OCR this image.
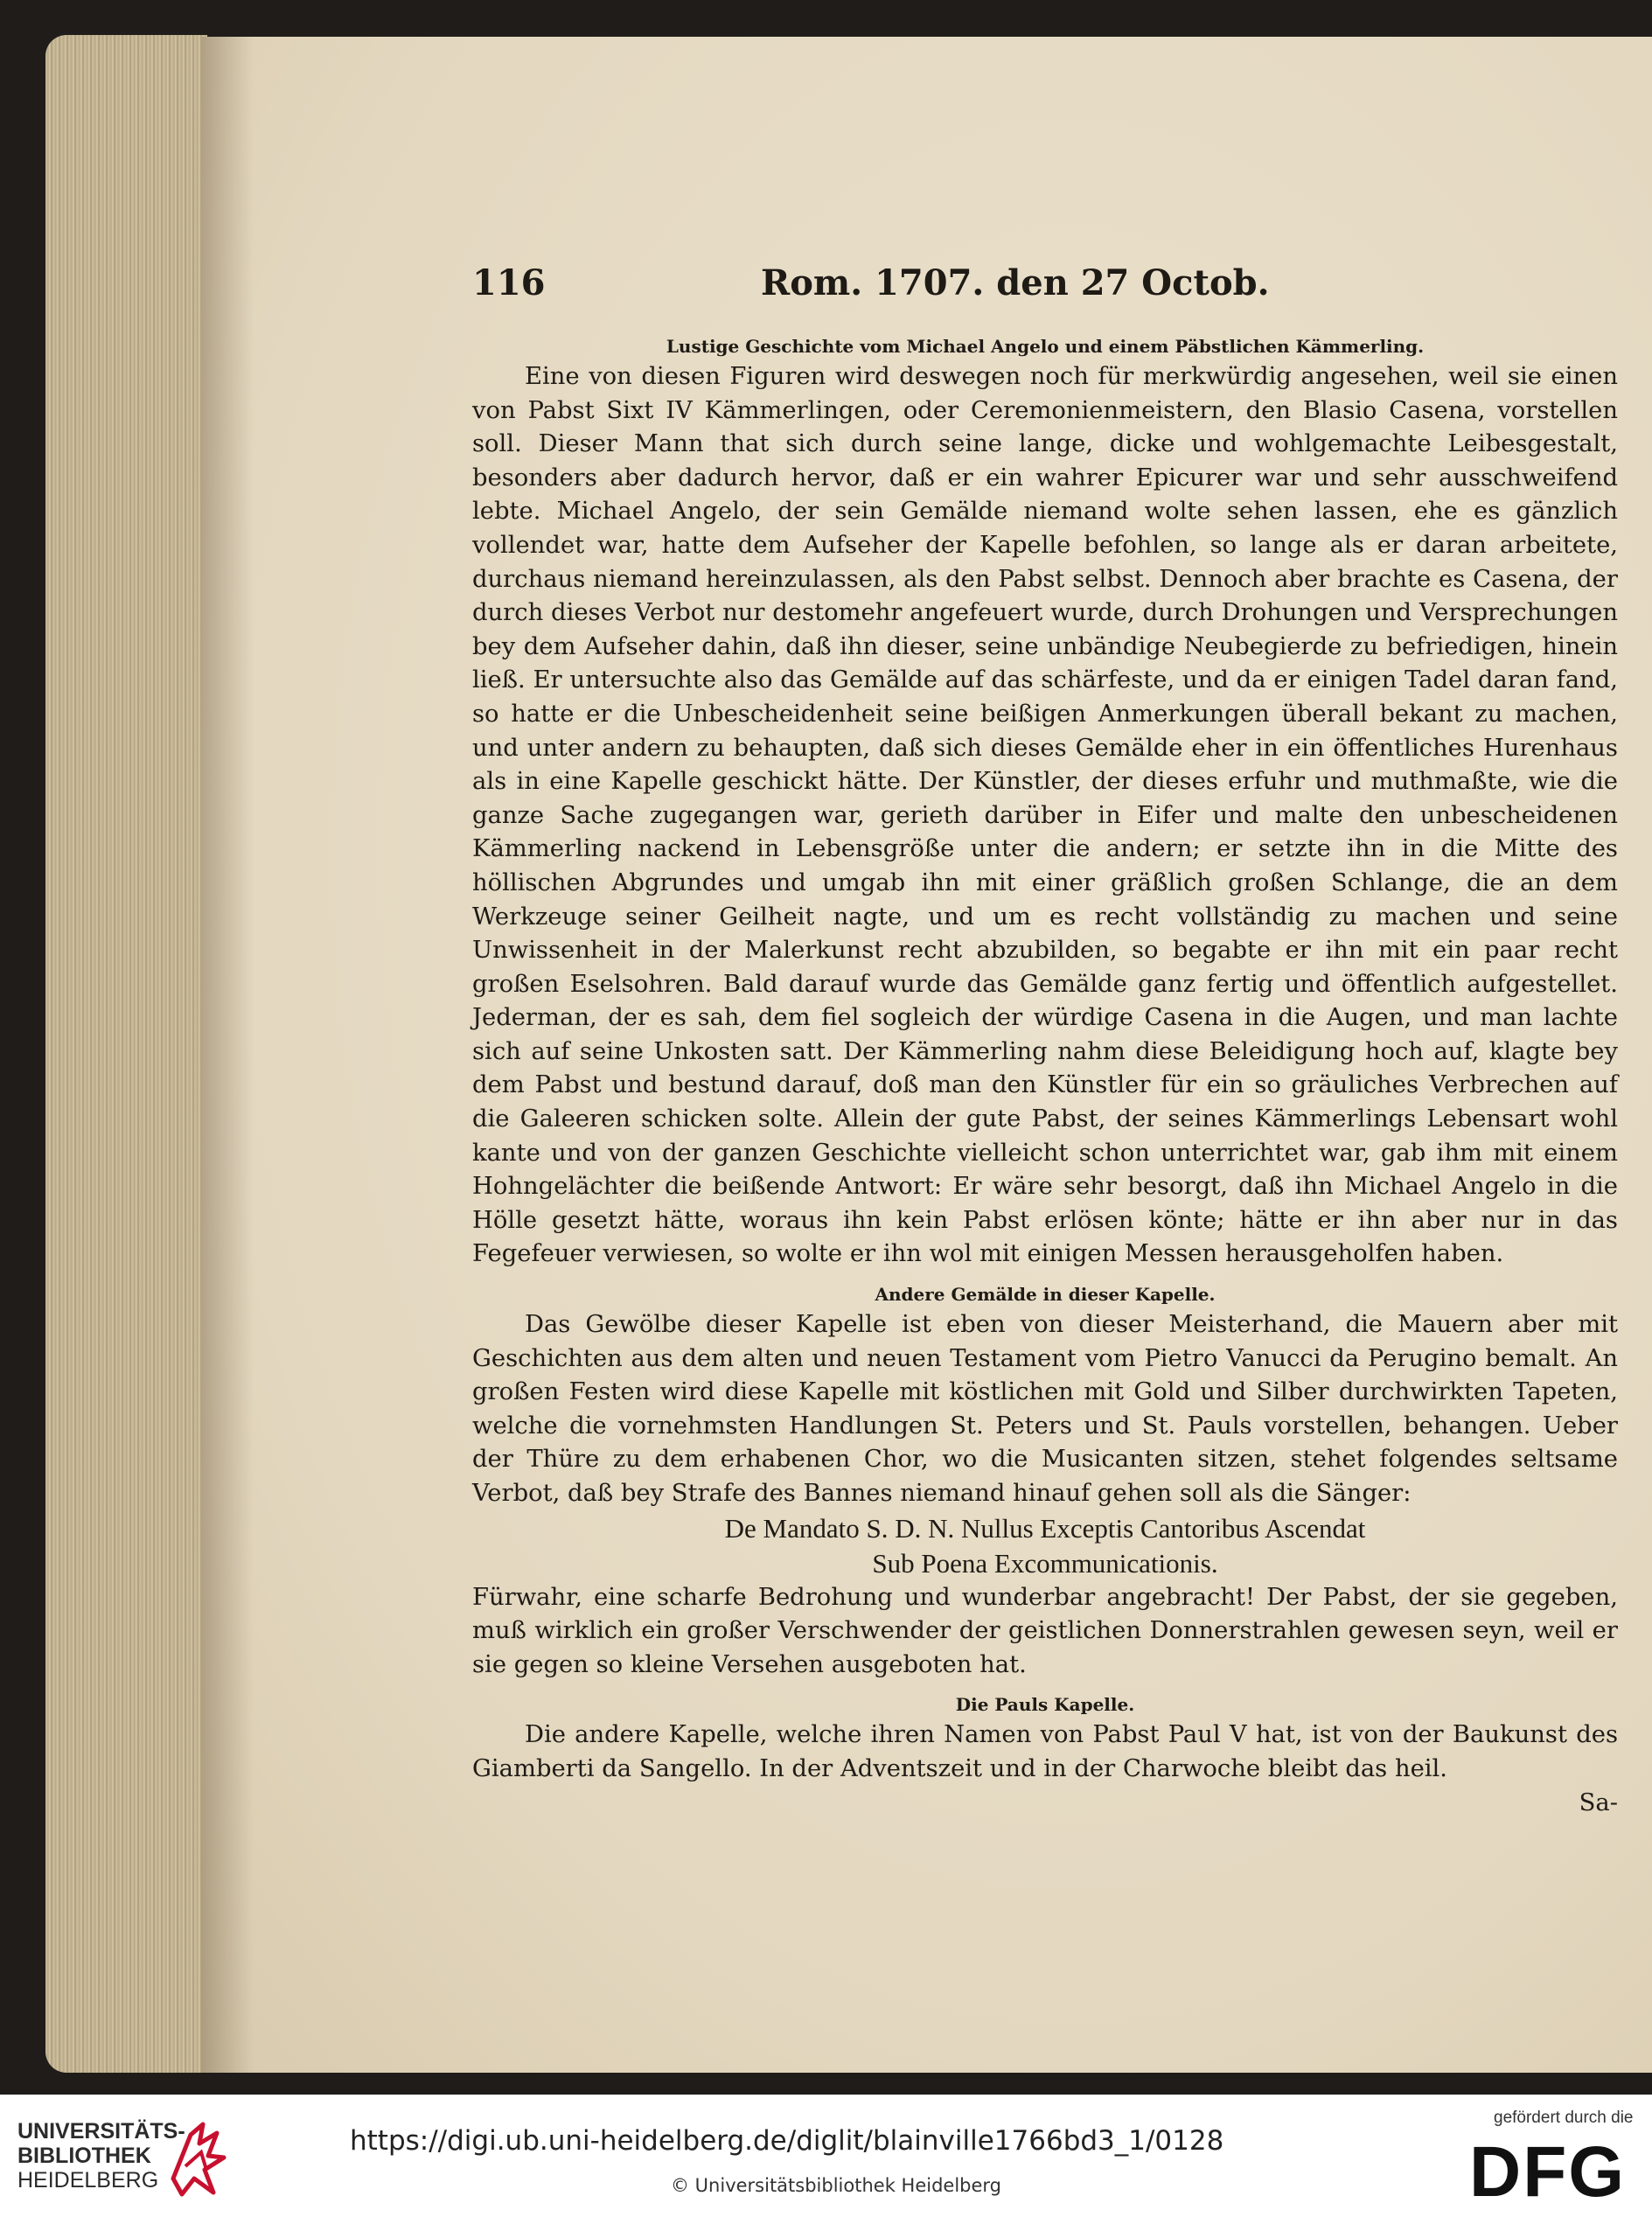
116	Rom. 1707. den 27 Octob.
Lustige Geschichte vom Michael Angelo und einem Päbstlichen Kämmerling.

Eine von diesen Figuren wird deswegen noch für merkwürdig angesehen, weil sie einen von Pabst Sixt IV Kämmerlingen, oder Ceremonienmeistern, den Blasio Casena, vorstellen soll. Dieser Mann that sich durch seine lange, dicke und wohlgemachte Leibesgestalt, besonders aber dadurch hervor, daß er ein wahrer Epicurer war und sehr ausschweifend lebte. Michael Angelo, der sein Gemälde niemand wolte sehen lassen, ehe es gänzlich vollendet war, hatte dem Aufseher der Kapelle befohlen, so lange als er daran arbeitete, durchaus niemand hereinzulassen, als den Pabst selbst. Dennoch aber brachte es Casena, der durch dieses Verbot nur destomehr angefeuert wurde, durch Drohungen und Versprechungen bey dem Aufseher dahin, daß ihn dieser, seine unbändige Neubegierde zu befriedigen, hinein ließ. Er untersuchte also das Gemälde auf das schärfeste, und da er einigen Tadel daran fand, so hatte er die Unbescheidenheit seine beißigen Anmerkungen überall bekant zu machen, und unter andern zu behaupten, daß sich dieses Gemälde eher in ein öffentliches Hurenhaus als in eine Kapelle geschickt hätte. Der Künstler, der dieses erfuhr und muthmaßte, wie die ganze Sache zugegangen war, gerieth darüber in Eifer und malte den unbescheidenen Kämmerling nackend in Lebensgröße unter die andern; er setzte ihn in die Mitte des höllischen Abgrundes und umgab ihn mit einer gräßlich großen Schlange, die an dem Werkzeuge seiner Geilheit nagte, und um es recht vollständig zu machen und seine Unwissenheit in der Malerkunst recht abzubilden, so begabte er ihn mit ein paar recht großen Eselsohren. Bald darauf wurde das Gemälde ganz fertig und öffentlich aufgestellet. Jederman, der es sah, dem fiel sogleich der würdige Casena in die Augen, und man lachte sich auf seine Unkosten satt. Der Kämmerling nahm diese Beleidigung hoch auf, klagte bey dem Pabst und bestund darauf, doß man den Künstler für ein so gräuliches Verbrechen auf die Galeeren schicken solte. Allein der gute Pabst, der seines Kämmerlings Lebensart wohl kante und von der ganzen Geschichte vielleicht schon unterrichtet war, gab ihm mit einem Hohngelächter die beißende Antwort: Er wäre sehr besorgt, daß ihn Michael Angelo in die Hölle gesetzt hätte, woraus ihn kein Pabst erlösen könte; hätte er ihn aber nur in das Fegefeuer verwiesen, so wolte er ihn wol mit einigen Messen herausgeholfen haben.

Andere Gemälde in dieser Kapelle.

Das Gewölbe dieser Kapelle ist eben von dieser Meisterhand, die Mauern aber mit Geschichten aus dem alten und neuen Testament vom Pietro Vanucci da Perugino bemalt. An großen Festen wird diese Kapelle mit köstlichen mit Gold und Silber durchwirkten Tapeten, welche die vornehmsten Handlungen St. Peters und St. Pauls vorstellen, behangen. Ueber der Thüre zu dem erhabenen Chor, wo die Musicanten sitzen, stehet folgendes seltsame Verbot, daß bey Strafe des Bannes niemand hinauf gehen soll als die Sänger:

De Mandato S. D. N. Nullus Exceptis Cantoribus Ascendat

Sub Poena Excommunicationis.

Fürwahr, eine scharfe Bedrohung und wunderbar angebracht! Der Pabst, der sie gegeben, muß wirklich ein großer Verschwender der geistlichen Donnerstrahlen gewesen seyn, weil er sie gegen so kleine Versehen ausgeboten hat.

Die Pauls Kapelle.

Die andere Kapelle, welche ihren Namen von Pabst Paul V hat, ist von der Baukunst des Giamberti da Sangello. In der Adventszeit und in der Charwoche bleibt das heil.

Sa-

UNIVERSITÄTS-
BIBLIOTHEK
HEIDELBERG
https://digi.ub.uni-heidelberg.de/diglit/blainville1766bd3_1/0128
© Universitätsbibliothek Heidelberg
gefördert durch die
DFG
